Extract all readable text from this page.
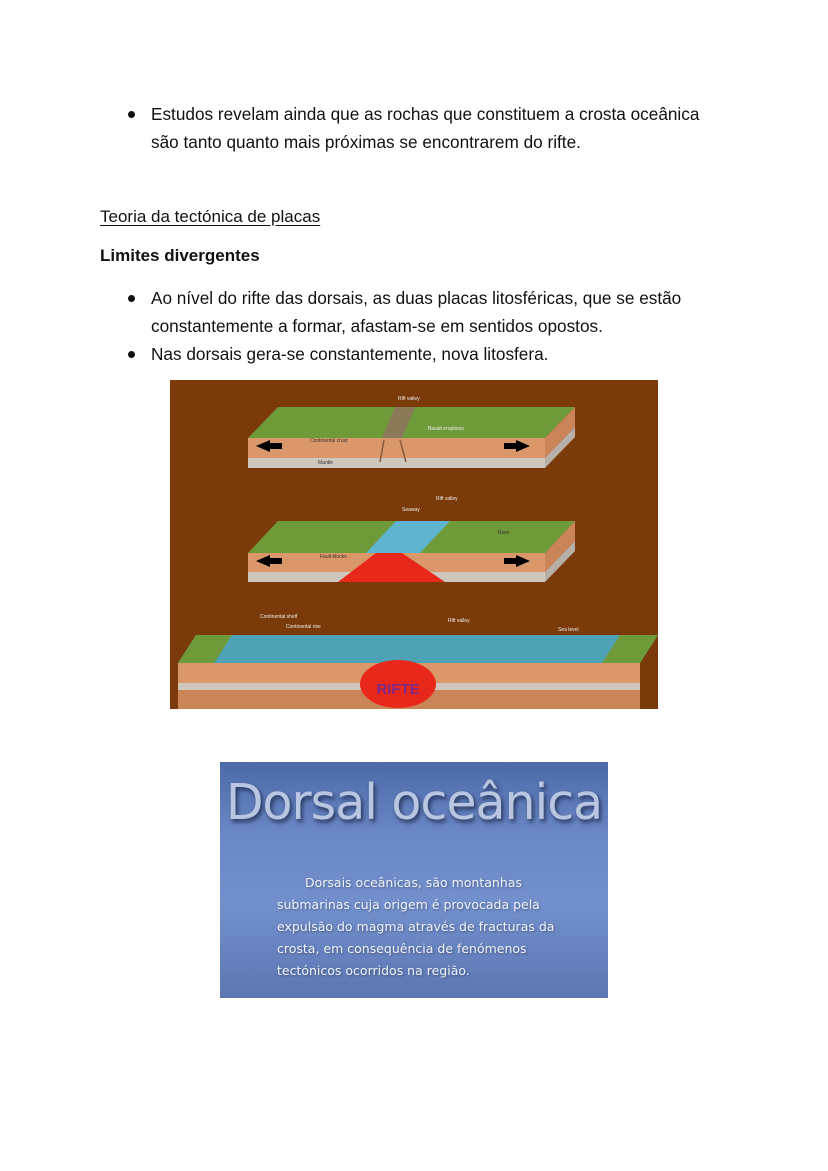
Estudos revelam ainda que as rochas que constituem a crosta oceânica são tanto quanto mais próximas se encontrarem do rifte.
Teoria da tectónica de placas
Limites divergentes
Ao nível do rifte das dorsais, as duas placas litosféricas, que se estão constantemente a formar, afastam-se em sentidos opostos.
Nas dorsais gera-se constantemente, nova litosfera.
Continental crust
Mantle
Basalt eruptions
Rift valley
Fault blocks
Seaway
Rift valley
River
RIFTE
Continental shelf
Continental rise
Rift valley
Sea level
Dorsal oceânica

Dorsais oceânicas, são montanhas submarinas cuja origem é provocada pela expulsão do magma através de fracturas da crosta, em consequência de fenómenos tectónicos ocorridos na região.
